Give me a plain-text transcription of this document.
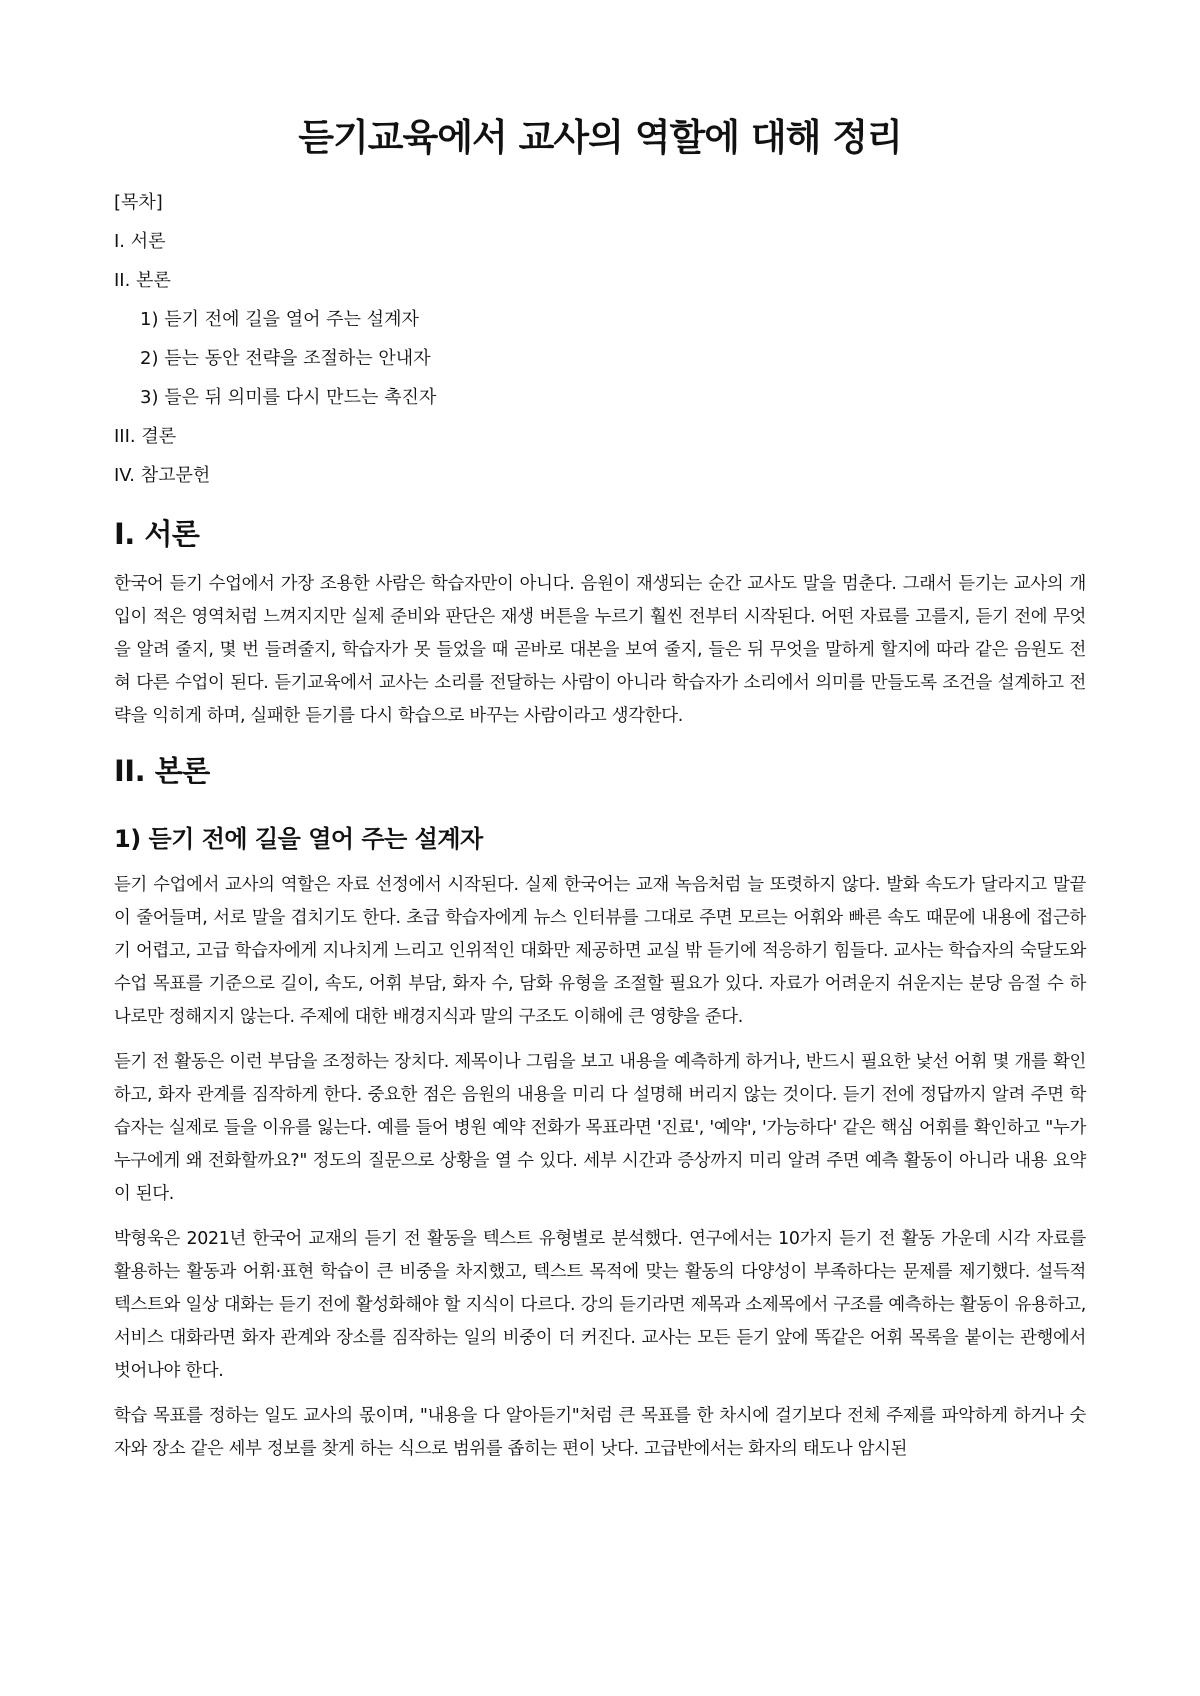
듣기교육에서 교사의 역할에 대해 정리
[목차]
I. 서론
II. 본론
1) 듣기 전에 길을 열어 주는 설계자
2) 듣는 동안 전략을 조절하는 안내자
3) 들은 뒤 의미를 다시 만드는 촉진자
III. 결론
IV. 참고문헌
I. 서론

한국어 듣기 수업에서 가장 조용한 사람은 학습자만이 아니다. 음원이 재생되는 순간 교사도 말을 멈춘다. 그래서 듣기는 교사의 개입이 적은 영역처럼 느껴지지만 실제 준비와 판단은 재생 버튼을 누르기 훨씬 전부터 시작된다. 어떤 자료를 고를지, 듣기 전에 무엇을 알려 줄지, 몇 번 들려줄지, 학습자가 못 들었을 때 곧바로 대본을 보여 줄지, 들은 뒤 무엇을 말하게 할지에 따라 같은 음원도 전혀 다른 수업이 된다. 듣기교육에서 교사는 소리를 전달하는 사람이 아니라 학습자가 소리에서 의미를 만들도록 조건을 설계하고 전략을 익히게 하며, 실패한 듣기를 다시 학습으로 바꾸는 사람이라고 생각한다.

II. 본론
1) 듣기 전에 길을 열어 주는 설계자

듣기 수업에서 교사의 역할은 자료 선정에서 시작된다. 실제 한국어는 교재 녹음처럼 늘 또렷하지 않다. 발화 속도가 달라지고 말끝이 줄어들며, 서로 말을 겹치기도 한다. 초급 학습자에게 뉴스 인터뷰를 그대로 주면 모르는 어휘와 빠른 속도 때문에 내용에 접근하기 어렵고, 고급 학습자에게 지나치게 느리고 인위적인 대화만 제공하면 교실 밖 듣기에 적응하기 힘들다. 교사는 학습자의 숙달도와 수업 목표를 기준으로 길이, 속도, 어휘 부담, 화자 수, 담화 유형을 조절할 필요가 있다. 자료가 어려운지 쉬운지는 분당 음절 수 하나로만 정해지지 않는다. 주제에 대한 배경지식과 말의 구조도 이해에 큰 영향을 준다.

듣기 전 활동은 이런 부담을 조정하는 장치다. 제목이나 그림을 보고 내용을 예측하게 하거나, 반드시 필요한 낯선 어휘 몇 개를 확인하고, 화자 관계를 짐작하게 한다. 중요한 점은 음원의 내용을 미리 다 설명해 버리지 않는 것이다. 듣기 전에 정답까지 알려 주면 학습자는 실제로 들을 이유를 잃는다. 예를 들어 병원 예약 전화가 목표라면 '진료', '예약', '가능하다' 같은 핵심 어휘를 확인하고 "누가 누구에게 왜 전화할까요?" 정도의 질문으로 상황을 열 수 있다. 세부 시간과 증상까지 미리 알려 주면 예측 활동이 아니라 내용 요약이 된다.

박형욱은 2021년 한국어 교재의 듣기 전 활동을 텍스트 유형별로 분석했다. 연구에서는 10가지 듣기 전 활동 가운데 시각 자료를 활용하는 활동과 어휘·표현 학습이 큰 비중을 차지했고, 텍스트 목적에 맞는 활동의 다양성이 부족하다는 문제를 제기했다. 설득적 텍스트와 일상 대화는 듣기 전에 활성화해야 할 지식이 다르다. 강의 듣기라면 제목과 소제목에서 구조를 예측하는 활동이 유용하고, 서비스 대화라면 화자 관계와 장소를 짐작하는 일의 비중이 더 커진다. 교사는 모든 듣기 앞에 똑같은 어휘 목록을 붙이는 관행에서 벗어나야 한다.

학습 목표를 정하는 일도 교사의 몫이며, "내용을 다 알아듣기"처럼 큰 목표를 한 차시에 걸기보다 전체 주제를 파악하게 하거나 숫자와 장소 같은 세부 정보를 찾게 하는 식으로 범위를 좁히는 편이 낫다. 고급반에서는 화자의 태도나 암시된
